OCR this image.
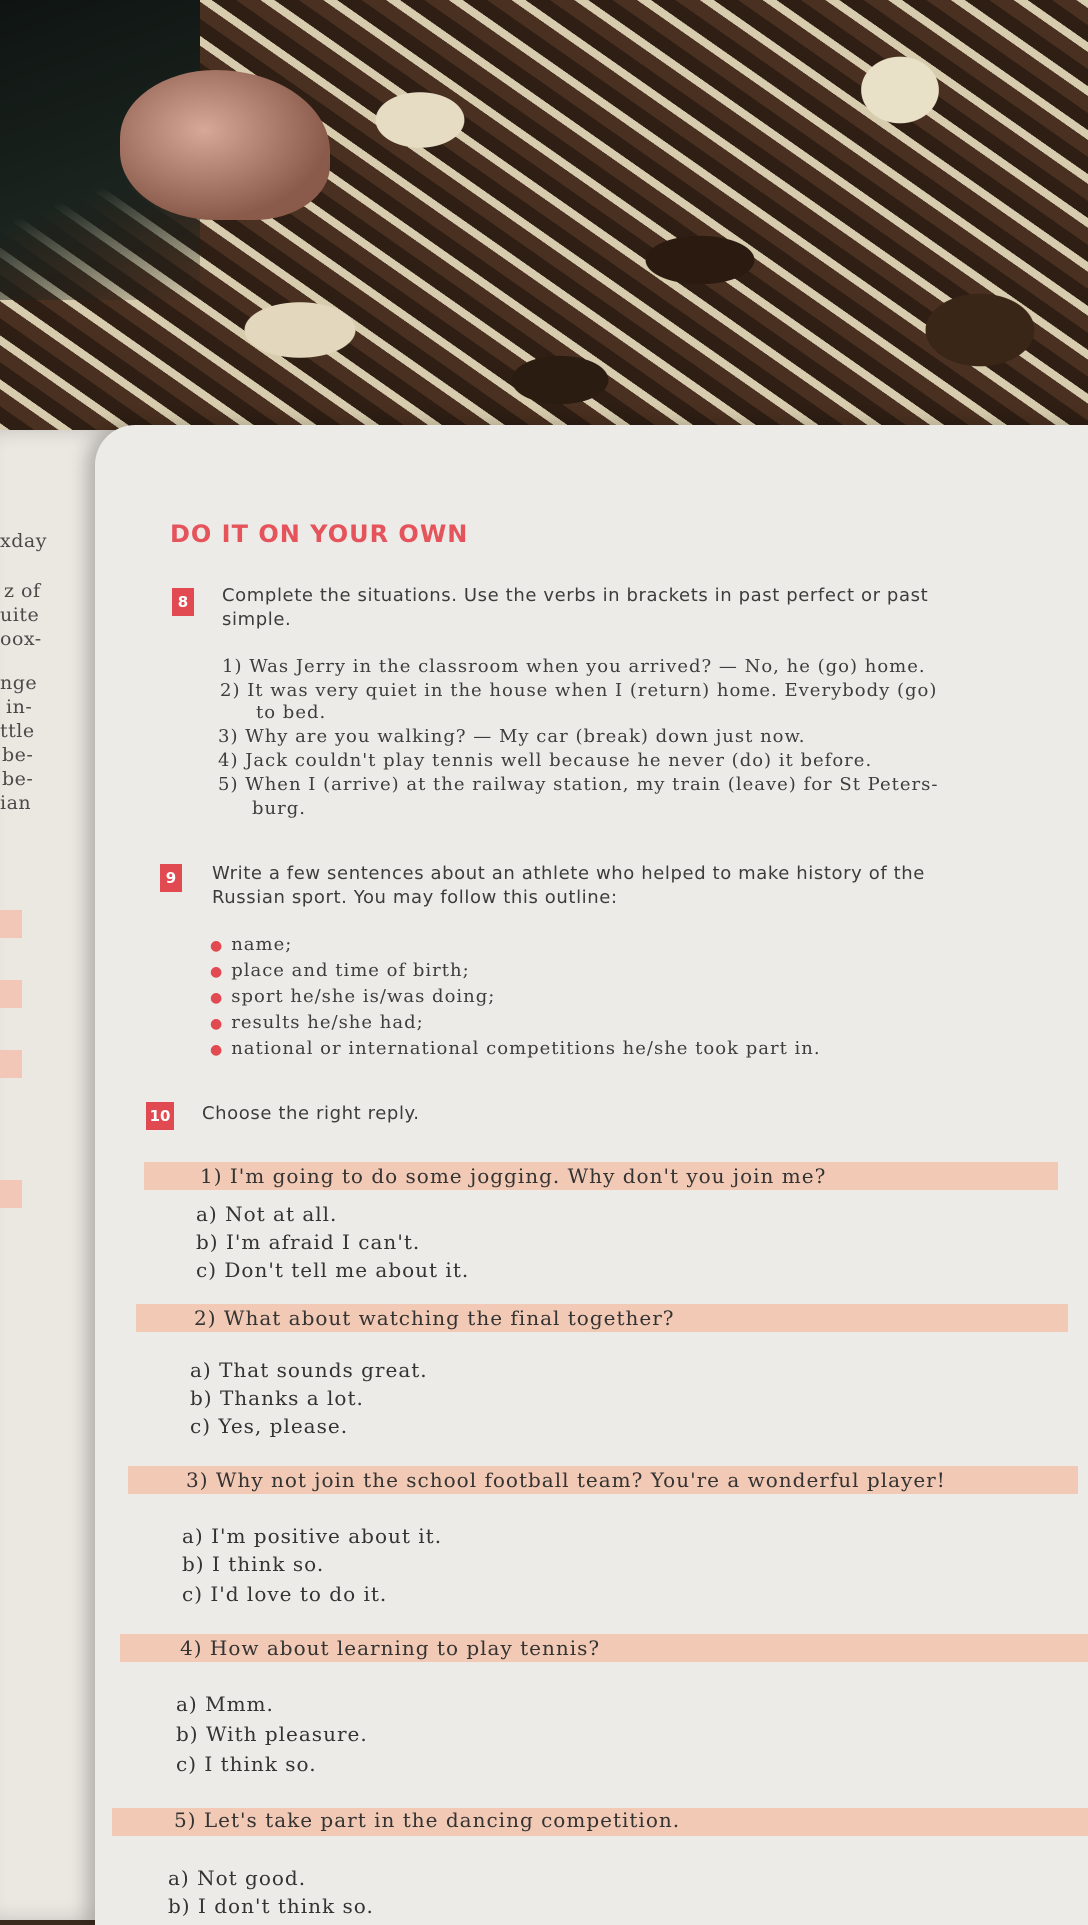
xday
z of
uite
oox-
nge
in-
ttle
be-
be-
ian
DO IT ON YOUR OWN
8	Complete the situations. Use the verbs in brackets in past perfect or past
simple.
1) Was Jerry in the classroom when you arrived? — No, he (go) home.
2) It was very quiet in the house when I (return) home. Everybody (go)
to bed.
3) Why are you walking? — My car (break) down just now.
4) Jack couldn't play tennis well because he never (do) it before.
5) When I (arrive) at the railway station, my train (leave) for St Peters-
burg.
9	Write a few sentences about an athlete who helped to make history of the
Russian sport. You may follow this outline:
● name;
● place and time of birth;
● sport he/she is/was doing;
● results he/she had;
● national or international competitions he/she took part in.
10 Choose the right reply.
1) I'm going to do some jogging. Why don't you join me?
a) Not at all.
b) I'm afraid I can't.
c) Don't tell me about it.
2) What about watching the final together?
a) That sounds great.
b) Thanks a lot.
c) Yes, please.
3) Why not join the school football team? You're a wonderful player!
a) I'm positive about it.
b) I think so.
c) I'd love to do it.
4) How about learning to play tennis?
a) Mmm.
b) With pleasure.
c) I think so.
5) Let's take part in the dancing competition.
a) Not good.
b) I don't think so.
